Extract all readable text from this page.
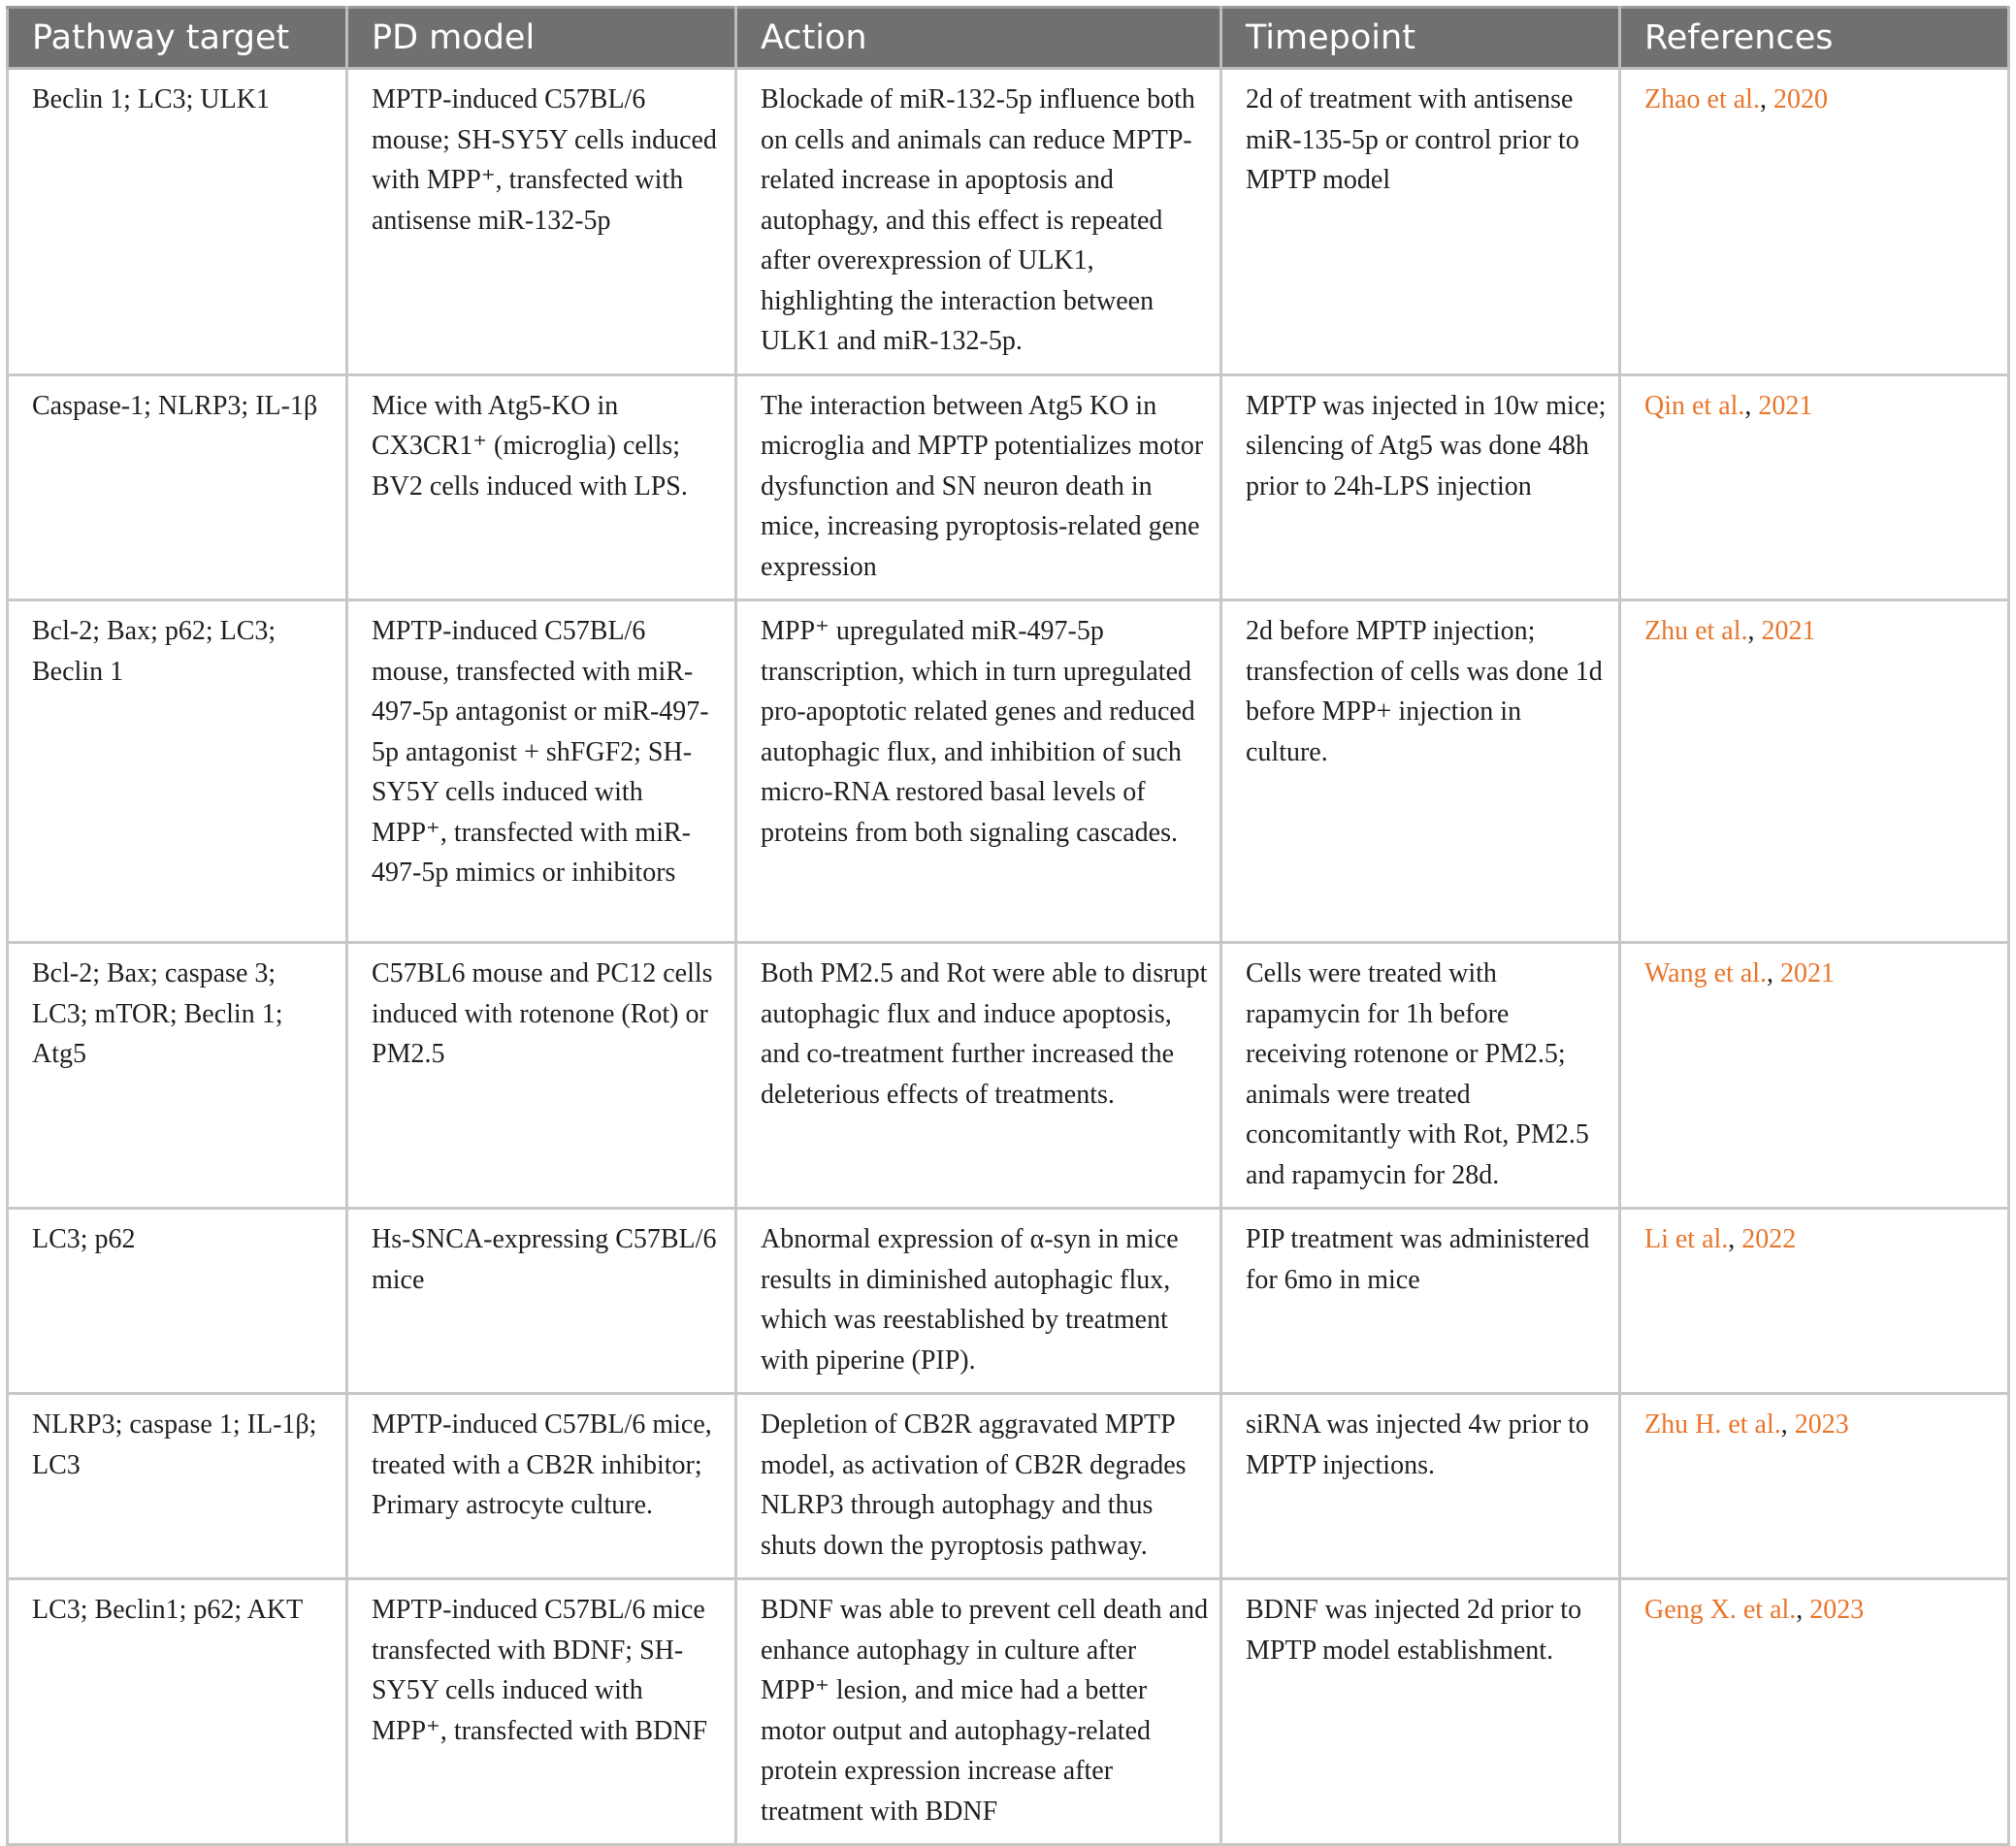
Pathway target	PD model	Action	Timepoint	References
Beclin 1; LC3; ULK1	MPTP-induced C57BL/6 mouse; SH-SY5Y cells induced with MPP⁺, transfected with antisense miR-132-5p	Blockade of miR-132-5p influence both on cells and animals can reduce MPTP-related increase in apoptosis and autophagy, and this effect is repeated after overexpression of ULK1, highlighting the interaction between ULK1 and miR-132-5p.	2d of treatment with antisense miR-135-5p or control prior to MPTP model	Zhao et al., 2020
Caspase-1; NLRP3; IL-1β	Mice with Atg5-KO in CX3CR1⁺ (microglia) cells; BV2 cells induced with LPS.	The interaction between Atg5 KO in microglia and MPTP potentializes motor dysfunction and SN neuron death in mice, increasing pyroptosis-related gene expression	MPTP was injected in 10w mice; silencing of Atg5 was done 48h prior to 24h-LPS injection	Qin et al., 2021
Bcl-2; Bax; p62; LC3; Beclin 1	MPTP-induced C57BL/6 mouse, transfected with miR-497-5p antagonist or miR-497-5p antagonist + shFGF2; SH-SY5Y cells induced with MPP⁺, transfected with miR-497-5p mimics or inhibitors	MPP⁺ upregulated miR-497-5p transcription, which in turn upregulated pro-apoptotic related genes and reduced autophagic flux, and inhibition of such micro-RNA restored basal levels of proteins from both signaling cascades.	2d before MPTP injection; transfection of cells was done 1d before MPP+ injection in culture.	Zhu et al., 2021
Bcl-2; Bax; caspase 3; LC3; mTOR; Beclin 1; Atg5	C57BL6 mouse and PC12 cells induced with rotenone (Rot) or PM2.5	Both PM2.5 and Rot were able to disrupt autophagic flux and induce apoptosis, and co-treatment further increased the deleterious effects of treatments.	Cells were treated with rapamycin for 1h before receiving rotenone or PM2.5; animals were treated concomitantly with Rot, PM2.5 and rapamycin for 28d.	Wang et al., 2021
LC3; p62	Hs-SNCA-expressing C57BL/6 mice	Abnormal expression of α-syn in mice results in diminished autophagic flux, which was reestablished by treatment with piperine (PIP).	PIP treatment was administered for 6mo in mice	Li et al., 2022
NLRP3; caspase 1; IL-1β; LC3	MPTP-induced C57BL/6 mice, treated with a CB2R inhibitor; Primary astrocyte culture.	Depletion of CB2R aggravated MPTP model, as activation of CB2R degrades NLRP3 through autophagy and thus shuts down the pyroptosis pathway.	siRNA was injected 4w prior to MPTP injections.	Zhu H. et al., 2023
LC3; Beclin1; p62; AKT	MPTP-induced C57BL/6 mice transfected with BDNF; SH-SY5Y cells induced with MPP⁺, transfected with BDNF	BDNF was able to prevent cell death and enhance autophagy in culture after MPP⁺ lesion, and mice had a better motor output and autophagy-related protein expression increase after treatment with BDNF	BDNF was injected 2d prior to MPTP model establishment.	Geng X. et al., 2023
